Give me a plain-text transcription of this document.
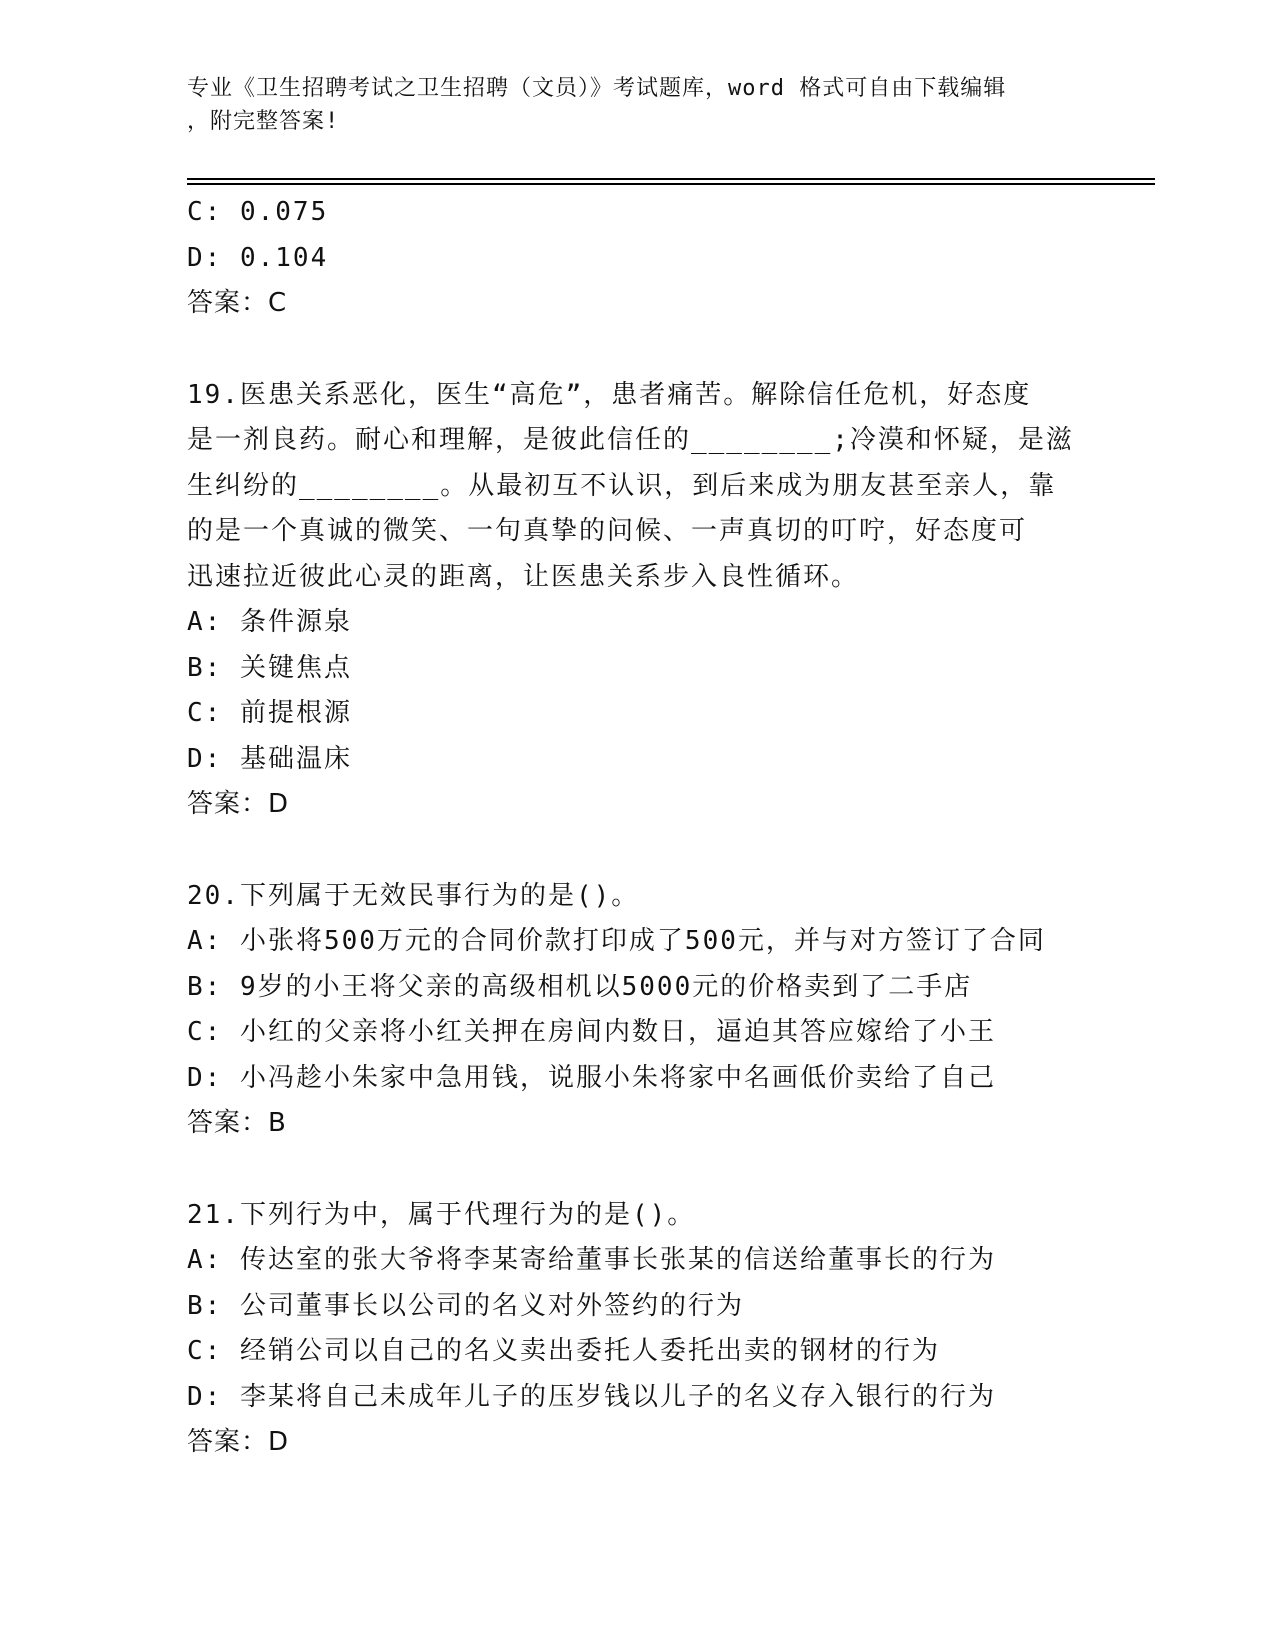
专业《卫生招聘考试之卫生招聘（文员）》考试题库，word 格式可自由下载编辑
，附完整答案!
C: 0.075
D: 0.104
答案：C
19.医患关系恶化，医生“高危”，患者痛苦。解除信任危机，好态度
是一剂良药。耐心和理解，是彼此信任的________;冷漠和怀疑，是滋
生纠纷的________。从最初互不认识，到后来成为朋友甚至亲人，靠
的是一个真诚的微笑、一句真挚的问候、一声真切的叮咛，好态度可
迅速拉近彼此心灵的距离，让医患关系步入良性循环。
A: 条件源泉
B: 关键焦点
C: 前提根源
D: 基础温床
答案：D
20.下列属于无效民事行为的是()。
A: 小张将500万元的合同价款打印成了500元，并与对方签订了合同
B: 9岁的小王将父亲的高级相机以5000元的价格卖到了二手店
C: 小红的父亲将小红关押在房间内数日，逼迫其答应嫁给了小王
D: 小冯趁小朱家中急用钱，说服小朱将家中名画低价卖给了自己
答案：B
21.下列行为中，属于代理行为的是()。
A: 传达室的张大爷将李某寄给董事长张某的信送给董事长的行为
B: 公司董事长以公司的名义对外签约的行为
C: 经销公司以自己的名义卖出委托人委托出卖的钢材的行为
D: 李某将自己未成年儿子的压岁钱以儿子的名义存入银行的行为
答案：D
